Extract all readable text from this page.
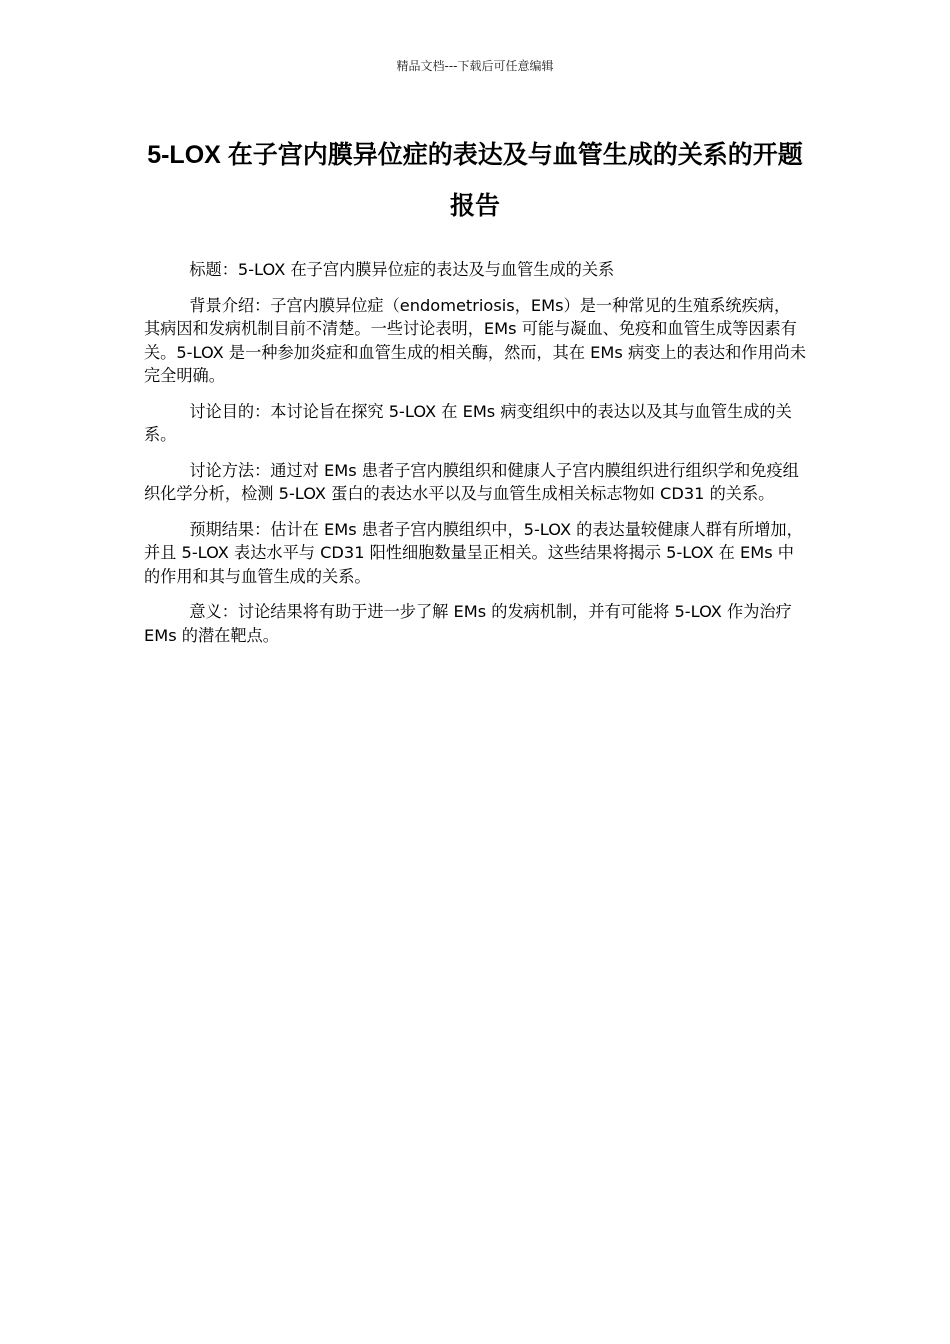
精品文档---下载后可任意编辑
5-LOX 在子宫内膜异位症的表达及与血管生成的关系的开题报告

标题：5-LOX 在子宫内膜异位症的表达及与血管生成的关系

背景介绍：子宫内膜异位症（endometriosis，EMs）是一种常见的生殖系统疾病，其病因和发病机制目前不清楚。一些讨论表明，EMs 可能与凝血、免疫和血管生成等因素有关。5-LOX 是一种参加炎症和血管生成的相关酶，然而，其在 EMs 病变上的表达和作用尚未完全明确。

讨论目的：本讨论旨在探究 5-LOX 在 EMs 病变组织中的表达以及其与血管生成的关系。

讨论方法：通过对 EMs 患者子宫内膜组织和健康人子宫内膜组织进行组织学和免疫组织化学分析，检测 5-LOX 蛋白的表达水平以及与血管生成相关标志物如 CD31 的关系。

预期结果：估计在 EMs 患者子宫内膜组织中，5-LOX 的表达量较健康人群有所增加，并且 5-LOX 表达水平与 CD31 阳性细胞数量呈正相关。这些结果将揭示 5-LOX 在 EMs 中的作用和其与血管生成的关系。

意义：讨论结果将有助于进一步了解 EMs 的发病机制，并有可能将 5-LOX 作为治疗 EMs 的潜在靶点。
